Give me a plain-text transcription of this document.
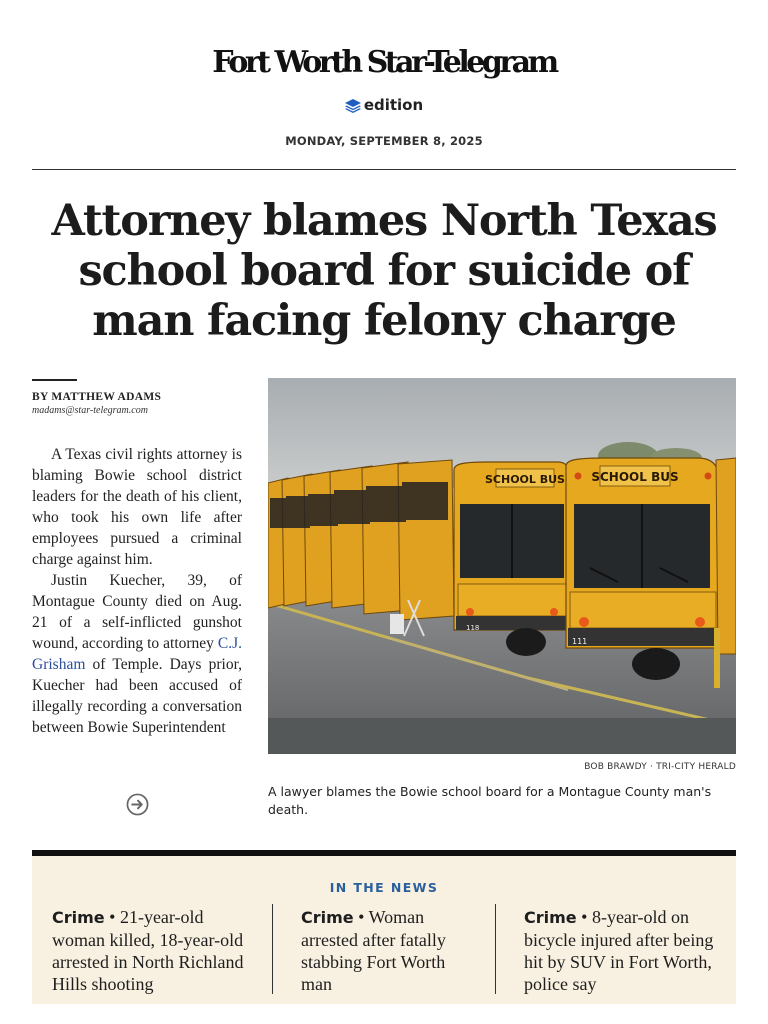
Fort Worth Star-Telegram
edition
MONDAY, SEPTEMBER 8, 2025
Attorney blames North Texas school board for suicide of man facing felony charge
BY MATTHEW ADAMS
madams@star-telegram.com

A Texas civil rights attorney is blaming Bowie school district leaders for the death of his client, who took his own life after employees pursued a criminal charge against him.

Justin Kuecher, 39, of Montague County died on Aug. 21 of a self-inflicted gunshot wound, according to attorney C.J. Grisham of Temple. Days prior, Kuecher had been accused of illegally recording a conversation between Bowie Superintendent

SCHOOL BUS
118
SCHOOL BUS
111
BOB BRAWDY · TRI-CITY HERALD
A lawyer blames the Bowie school board for a Montague County man's death.
IN THE NEWS
Crime • 21-year-old woman killed, 18-year-old arrested in North Richland Hills shooting
Crime • Woman arrested after fatally stabbing Fort Worth man
Crime • 8-year-old on bicycle injured after being hit by SUV in Fort Worth, police say
